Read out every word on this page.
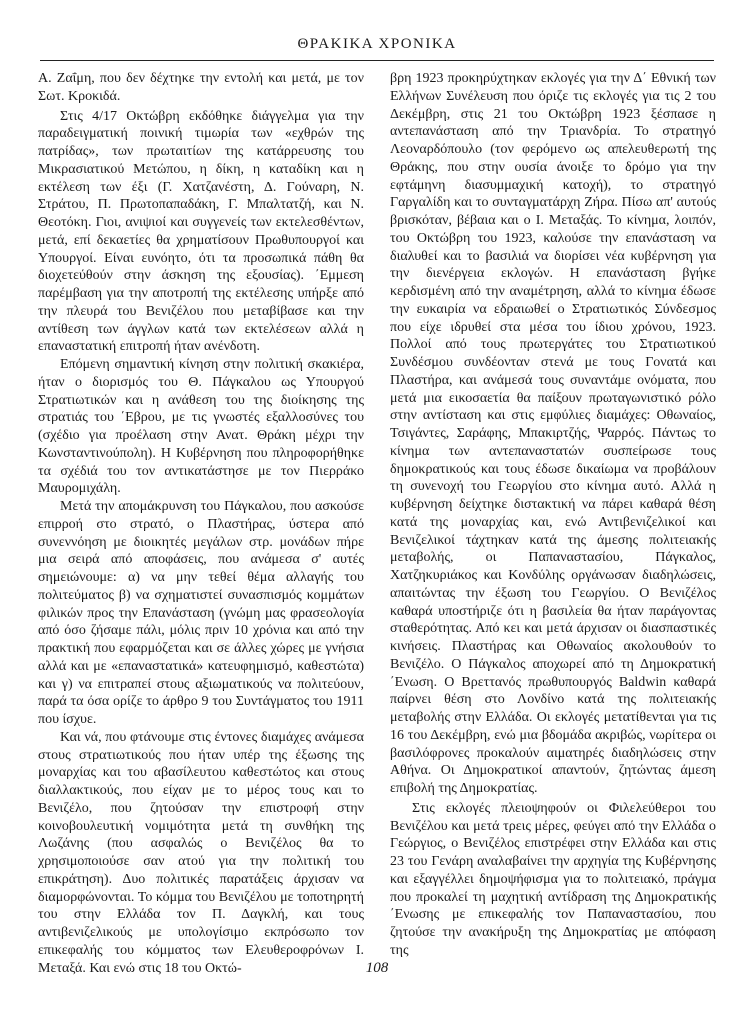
ΘΡΑΚΙΚΑ ΧΡΟΝΙΚΑ

Α. Ζαΐμη, που δεν δέχτηκε την εντολή και μετά, με τον Σωτ. Κροκιδά.

Στις 4/17 Οκτώβρη εκδόθηκε διάγγελμα για την παραδειγματική ποινική τιμωρία των «εχθρών της πατρίδας», των πρωταιτίων της κατάρρευσης του Μικρασιατικού Μετώπου, η δίκη, η καταδίκη και η εκτέλεση των έξι (Γ. Χατζανέστη, Δ. Γούναρη, Ν. Στράτου, Π. Πρωτοπαπαδάκη, Γ. Μπαλτατζή, και Ν. Θεοτόκη. Γιοι, ανιψιοί και συγγενείς των εκτελεσθέντων, μετά, επί δεκαετίες θα χρηματίσουν Πρωθυπουργοί και Υπουργοί. Είναι ευνόητο, ότι τα προσωπικά πάθη θα διοχετεύθούν στην άσκηση της εξουσίας). ΄Εμμεση παρέμβαση για την αποτροπή της εκτέλεσης υπήρξε από την πλευρά του Βενιζέλου που μεταβίβασε και την αντίθεση των άγγλων κατά των εκτελέσεων αλλά η επαναστατική επιτροπή ήταν ανένδοτη.

Επόμενη σημαντική κίνηση στην πολιτική σκακιέρα, ήταν ο διορισμός του Θ. Πάγκαλου ως Υπουργού Στρατιωτικών και η ανάθεση του της διοίκησης της στρατιάς του ΄Εβρου, με τις γνωστές εξαλλοσύνες του (σχέδιο για προέλαση στην Ανατ. Θράκη μέχρι την Κωνσταντινούπολη). Η Κυβέρνηση που πληροφορήθηκε τα σχέδιά του τον αντικατάστησε με τον Πιερράκο Μαυρομιχάλη.

Μετά την απομάκρυνση του Πάγκαλου, που ασκούσε επιρροή στο στρατό, ο Πλαστήρας, ύστερα από συνεννόηση με διοικητές μεγάλων στρ. μονάδων πήρε μια σειρά από αποφάσεις, που ανάμεσα σ' αυτές σημειώνουμε: α) να μην τεθεί θέμα αλλαγής του πολιτεύματος β) να σχηματιστεί συνασπισμός κομμάτων φιλικών προς την Επανάσταση (γνώμη μας φρασεολογία από όσο ζήσαμε πάλι, μόλις πριν 10 χρόνια και από την πρακτική που εφαρμόζεται και σε άλλες χώρες με γνήσια αλλά και με «επαναστατικά» κατευφημισμό, καθεστώτα) και γ) να επιτραπεί στους αξιωματικούς να πολιτεύουν, παρά τα όσα ορίζε το άρθρο 9 του Συντάγματος του 1911 που ίσχυε.

Και νά, που φτάνουμε στις έντονες διαμάχες ανάμεσα στους στρατιωτικούς που ήταν υπέρ της έξωσης της μοναρχίας και του αβασίλευτου καθεστώτος και στους διαλλακτικούς, που είχαν με το μέρος τους και το Βενιζέλο, που ζητούσαν την επιστροφή στην κοινοβουλευτική νομιμότητα μετά τη συνθήκη της Λωζάνης (που ασφαλώς ο Βενιζέλος θα το χρησιμοποιούσε σαν ατού για την πολιτική του επικράτηση). Δυο πολιτικές παρατάξεις άρχισαν να διαμορφώνονται. Το κόμμα του Βενιζέλου με τοποτηρητή του στην Ελλάδα τον Π. Δαγκλή, και τους αντιβενιζελικούς με υπολογίσιμο εκπρόσωπο τον επικεφαλής του κόμματος των Ελευθεροφρόνων Ι. Μεταξά. Και ενώ στις 18 του Οκτώ-

βρη 1923 προκηρύχτηκαν εκλογές για την Δ΄ Εθνική των Ελλήνων Συνέλευση που όριζε τις εκλογές για τις 2 του Δεκέμβρη, στις 21 του Οκτώβρη 1923 ξέσπασε η αντεπανάσταση από την Τριανδρία. Το στρατηγό Λεοναρδόπουλο (τον φερόμενο ως απελευθερωτή της Θράκης, που στην ουσία άνοιξε το δρόμο για την εφτάμηνη διασυμμαχική κατοχή), το στρατηγό Γαργαλίδη και το συνταγματάρχη Ζήρα. Πίσω απ' αυτούς βρισκόταν, βέβαια και ο Ι. Μεταξάς. Το κίνημα, λοιπόν, του Οκτώβρη του 1923, καλούσε την επανάσταση να διαλυθεί και το βασιλιά να διορίσει νέα κυβέρνηση για την διενέργεια εκλογών. Η επανάσταση βγήκε κερδισμένη από την αναμέτρηση, αλλά το κίνημα έδωσε την ευκαιρία να εδραιωθεί ο Στρατιωτικός Σύνδεσμος που είχε ιδρυθεί στα μέσα του ίδιου χρόνου, 1923. Πολλοί από τους πρωτεργάτες του Στρατιωτικού Συνδέσμου συνδέονταν στενά με τους Γονατά και Πλαστήρα, και ανάμεσά τους συναντάμε ονόματα, που μετά μια εικοσαετία θα παίξουν πρωταγωνιστικό ρόλο στην αντίσταση και στις εμφύλιες διαμάχες: Οθωναίος, Τσιγάντες, Σαράφης, Μπακιρτζής, Ψαρρός. Πάντως το κίνημα των αντεπαναστατών συσπείρωσε τους δημοκρατικούς και τους έδωσε δικαίωμα να προβάλουν τη συνενοχή του Γεωργίου στο κίνημα αυτό. Αλλά η κυβέρνηση δείχτηκε διστακτική να πάρει καθαρά θέση κατά της μοναρχίας και, ενώ Αντιβενιζελικοί και Βενιζελικοί τάχτηκαν κατά της άμεσης πολιτειακής μεταβολής, οι Παπαναστασίου, Πάγκαλος, Χατζηκυριάκος και Κονδύλης οργάνωσαν διαδηλώσεις, απαιτώντας την έξωση του Γεωργίου. Ο Βενιζέλος καθαρά υποστήριζε ότι η βασιλεία θα ήταν παράγοντας σταθερότητας. Από κει και μετά άρχισαν οι διασπαστικές κινήσεις. Πλαστήρας και Οθωναίος ακολουθούν το Βενιζέλο. Ο Πάγκαλος αποχωρεί από τη Δημοκρατική ΄Ενωση. Ο Βρεττανός πρωθυπουργός Baldwin καθαρά παίρνει θέση στο Λονδίνο κατά της πολιτειακής μεταβολής στην Ελλάδα. Οι εκλογές μετατίθενται για τις 16 του Δεκέμβρη, ενώ μια βδομάδα ακριβώς, νωρίτερα οι βασιλόφρονες προκαλούν αιματηρές διαδηλώσεις στην Αθήνα. Οι Δημοκρατικοί απαντούν, ζητώντας άμεση επιβολή της Δημοκρατίας.

Στις εκλογές πλειοψηφούν οι Φιλελεύθεροι του Βενιζέλου και μετά τρεις μέρες, φεύγει από την Ελλάδα ο Γεώργιος, ο Βενιζέλος επιστρέφει στην Ελλάδα και στις 23 του Γενάρη αναλαβαίνει την αρχηγία της Κυβέρνησης και εξαγγέλλει δημοψήφισμα για το πολιτειακό, πράγμα που προκαλεί τη μαχητική αντίδραση της Δημοκρατικής ΄Ενωσης με επικεφαλής τον Παπαναστασίου, που ζητούσε την ανακήρυξη της Δημοκρατίας με απόφαση της

108
